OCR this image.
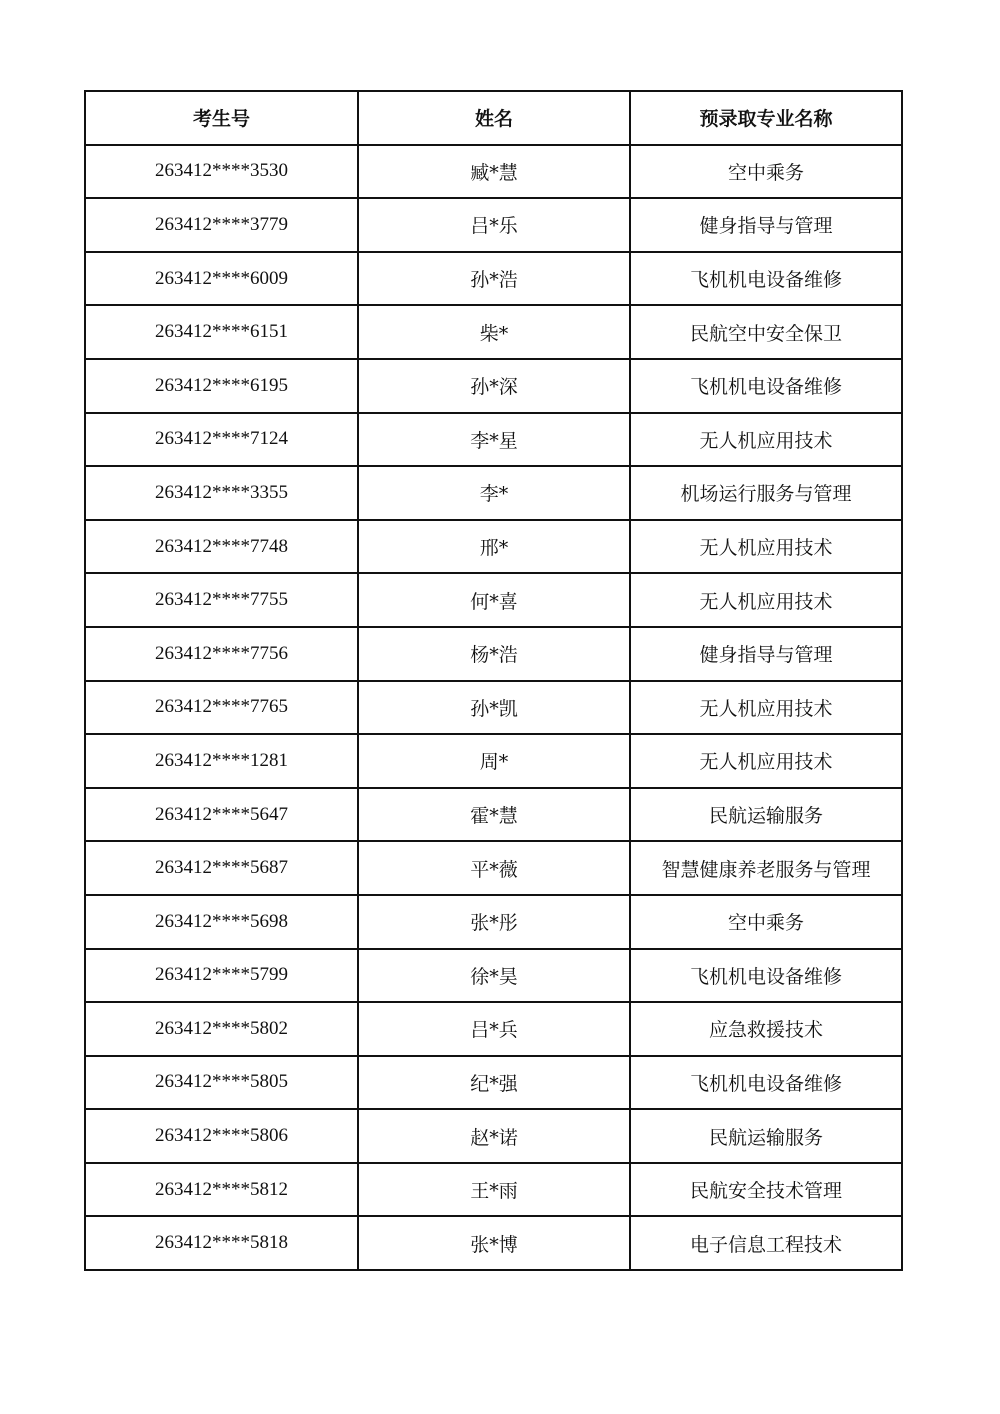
考生号	姓名	预录取专业名称
263412****3530	臧*慧	空中乘务
263412****3779	吕*乐	健身指导与管理
263412****6009	孙*浩	飞机机电设备维修
263412****6151	柴*	民航空中安全保卫
263412****6195	孙*深	飞机机电设备维修
263412****7124	李*星	无人机应用技术
263412****3355	李*	机场运行服务与管理
263412****7748	邢*	无人机应用技术
263412****7755	何*喜	无人机应用技术
263412****7756	杨*浩	健身指导与管理
263412****7765	孙*凯	无人机应用技术
263412****1281	周*	无人机应用技术
263412****5647	霍*慧	民航运输服务
263412****5687	平*薇	智慧健康养老服务与管理
263412****5698	张*彤	空中乘务
263412****5799	徐*昊	飞机机电设备维修
263412****5802	吕*兵	应急救援技术
263412****5805	纪*强	飞机机电设备维修
263412****5806	赵*诺	民航运输服务
263412****5812	王*雨	民航安全技术管理
263412****5818	张*博	电子信息工程技术
